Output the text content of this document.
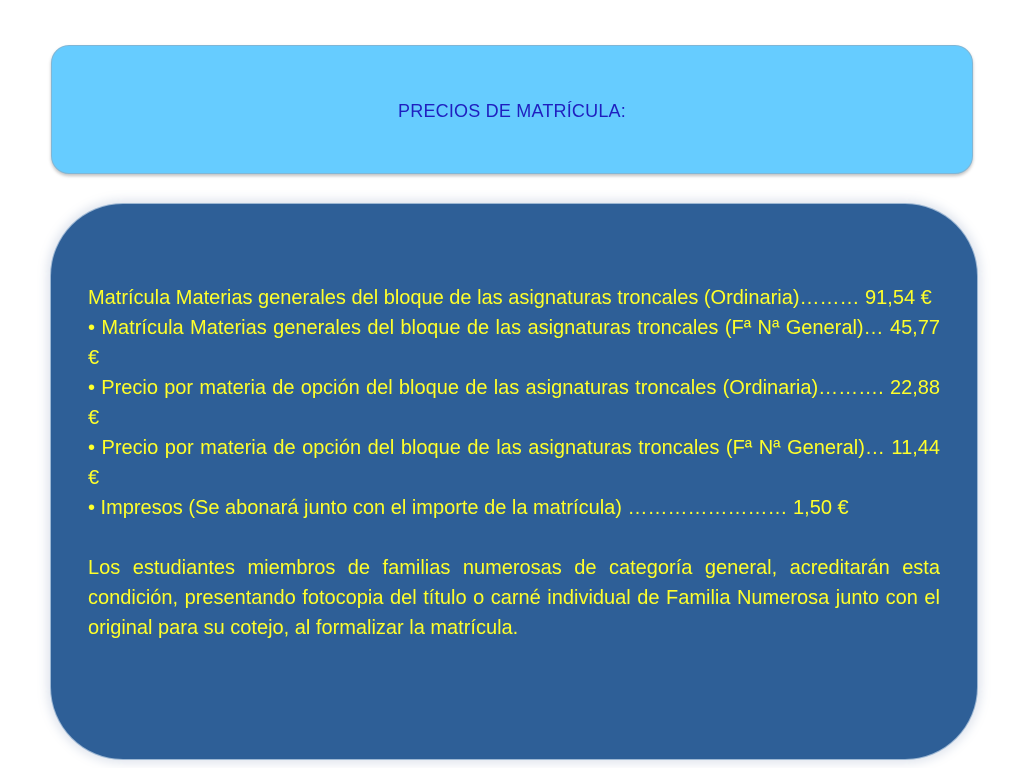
PRECIOS DE MATRÍCULA:

Matrícula Materias generales del bloque de las asignaturas troncales (Ordinaria)……… 91,54 €

• Matrícula Materias generales del bloque de las asignaturas troncales (Fª Nª General)… 45,77 €

• Precio por materia de opción del bloque de las asignaturas troncales (Ordinaria)………. 22,88 €

• Precio por materia de opción del bloque de las asignaturas troncales (Fª Nª General)… 11,44 €

• Impresos (Se abonará junto con el importe de la matrícula) …………………… 1,50 €

Los estudiantes miembros de familias numerosas de categoría general, acreditarán esta condición, presentando fotocopia del título o carné individual de Familia Numerosa junto con el original para su cotejo, al formalizar la matrícula.
